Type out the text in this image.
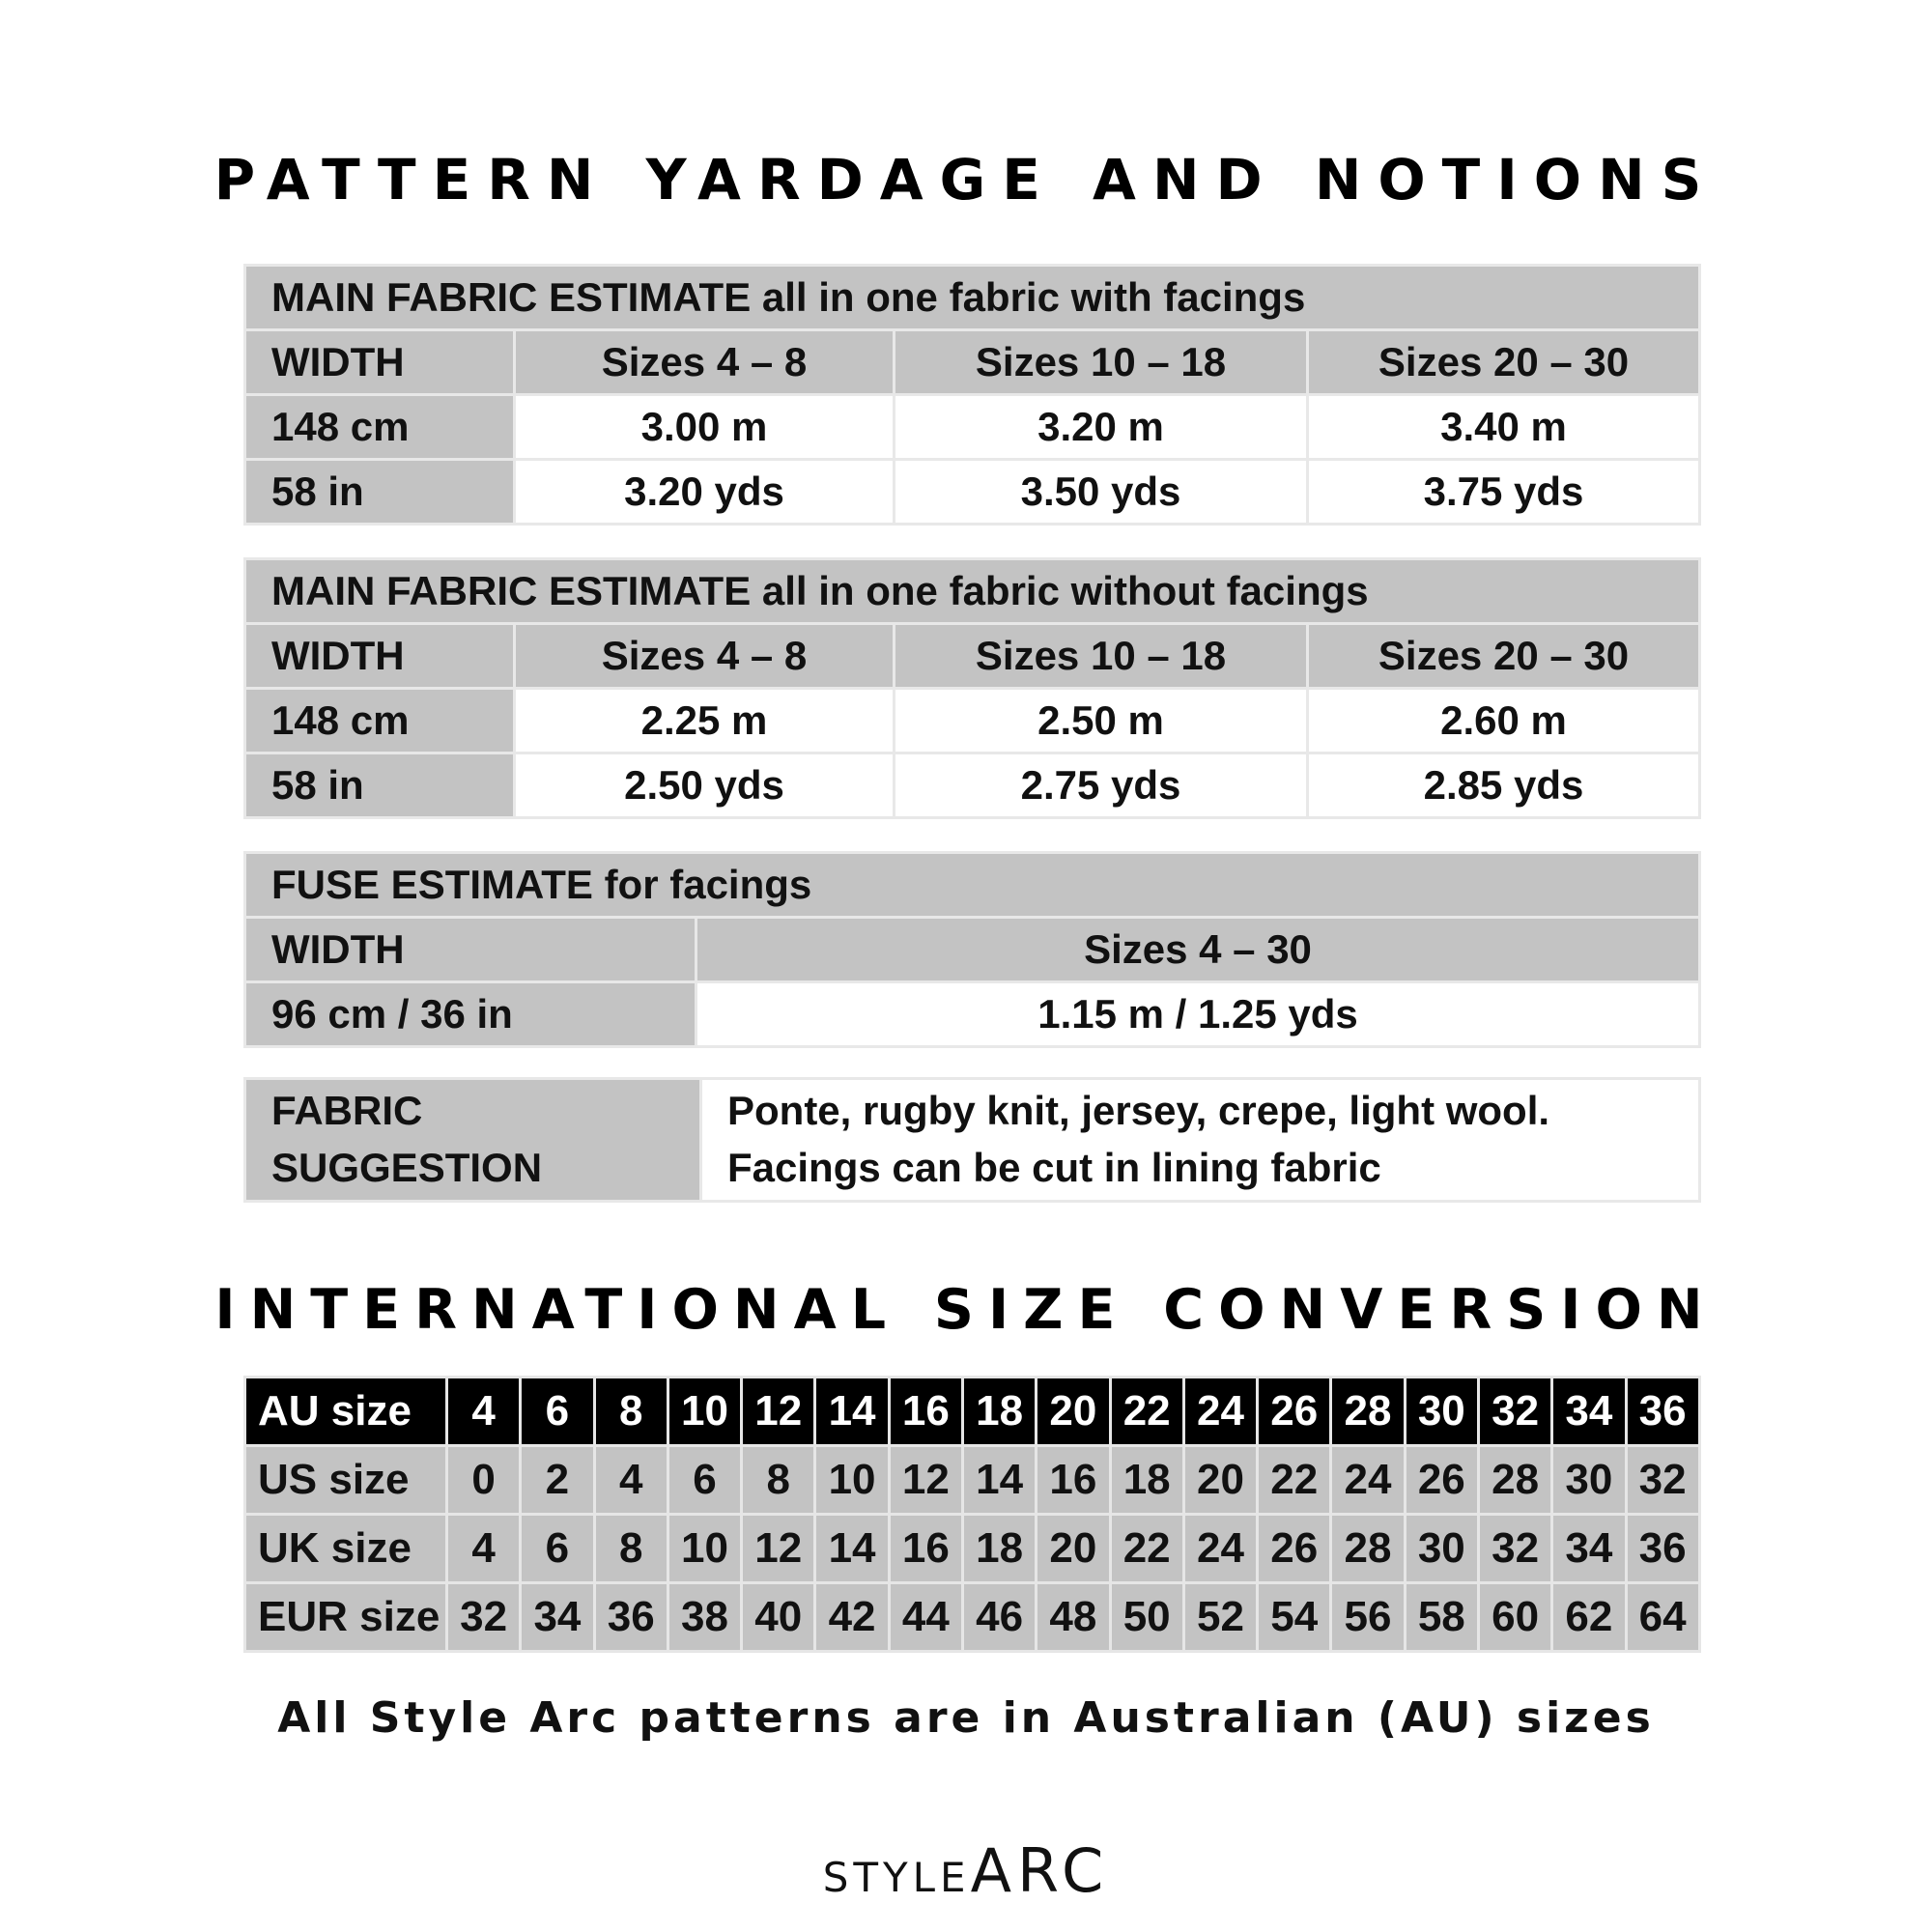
PATTERN YARDAGE AND NOTIONS
MAIN FABRIC ESTIMATE all in one fabric with facings			
WIDTH	Sizes 4 – 8	Sizes 10 – 18	Sizes 20 – 30
148 cm	3.00 m	3.20 m	3.40 m
58 in	3.20 yds	3.50 yds	3.75 yds
MAIN FABRIC ESTIMATE all in one fabric without facings			
WIDTH	Sizes 4 – 8	Sizes 10 – 18	Sizes 20 – 30
148 cm	2.25 m	2.50 m	2.60 m
58 in	2.50 yds	2.75 yds	2.85 yds
FUSE ESTIMATE for facings	
WIDTH	Sizes 4 – 30
96 cm / 36 in	1.15 m / 1.25 yds
FABRIC
SUGGESTION

Ponte, rugby knit, jersey, crepe, light wool.
Facings can be cut in lining fabric
INTERNATIONAL SIZE CONVERSION
AU size	4	6	8	10	12	14	16	18	20	22	24	26	28	30	32	34	36
US size	0	2	4	6	8	10	12	14	16	18	20	22	24	26	28	30	32
UK size	4	6	8	10	12	14	16	18	20	22	24	26	28	30	32	34	36
EUR size	32	34	36	38	40	42	44	46	48	50	52	54	56	58	60	62	64

All Style Arc patterns are in Australian (AU) sizes

STYLEARC
